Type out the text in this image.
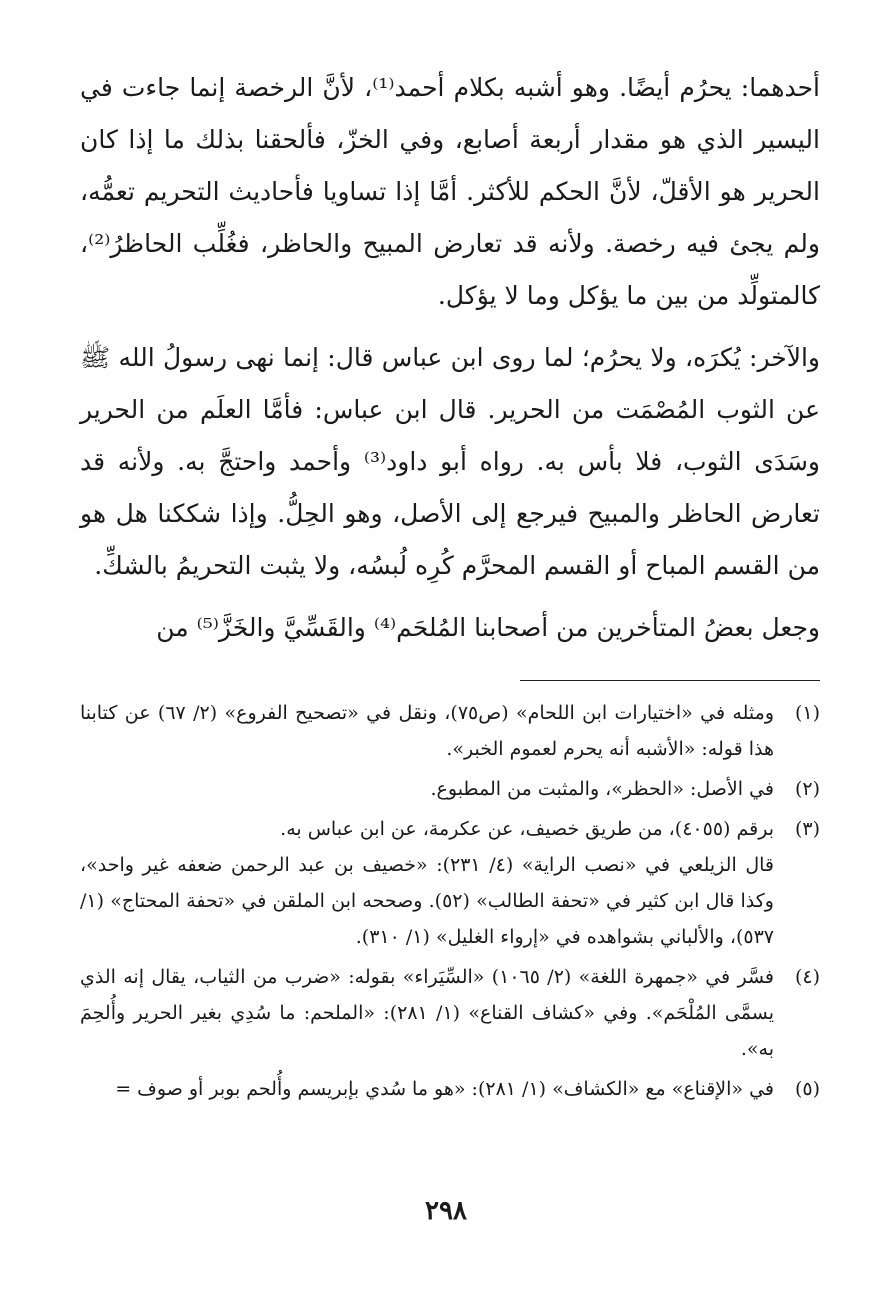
أحدهما: يحرُم أيضًا. وهو أشبه بكلام أحمد⁽¹⁾، لأنَّ الرخصة إنما جاءت في اليسير الذي هو مقدار أربعة أصابع، وفي الخزّ، فألحقنا بذلك ما إذا كان الحرير هو الأقلّ، لأنَّ الحكم للأكثر. أمَّا إذا تساويا فأحاديث التحريم تعمُّه، ولم يجئ فيه رخصة. ولأنه قد تعارض المبيح والحاظر، فغُلِّب الحاظرُ⁽²⁾، كالمتولِّد من بين ما يؤكل وما لا يؤكل.

والآخر: يُكرَه، ولا يحرُم؛ لما روى ابن عباس قال: إنما نهى رسولُ الله ﷺ عن الثوب المُصْمَت من الحرير. قال ابن عباس: فأمَّا العلَم من الحرير وسَدَى الثوب، فلا بأس به. رواه أبو داود⁽³⁾ وأحمد واحتجَّ به. ولأنه قد تعارض الحاظر والمبيح فيرجع إلى الأصل، وهو الحِلُّ. وإذا شككنا هل هو من القسم المباح أو القسم المحرَّم كُرِه لُبسُه، ولا يثبت التحريمُ بالشكِّ.

وجعل بعضُ المتأخرين من أصحابنا المُلحَم⁽⁴⁾ والقَسِّيَّ والخَزَّ⁽⁵⁾ من

(١)

ومثله في «اختيارات ابن اللحام» (ص٧٥)، ونقل في «تصحيح الفروع» (٢/ ٦٧) عن كتابنا هذا قوله: «الأشبه أنه يحرم لعموم الخبر».

(٢)

في الأصل: «الحظر»، والمثبت من المطبوع.

(٣)

برقم (٤٠٥٥)، من طريق خصيف، عن عكرمة، عن ابن عباس به.

قال الزيلعي في «نصب الراية» (٤/ ٢٣١): «خصيف بن عبد الرحمن ضعفه غير واحد»، وكذا قال ابن كثير في «تحفة الطالب» (٥٢). وصححه ابن الملقن في «تحفة المحتاج» (١/ ٥٣٧)، والألباني بشواهده في «إرواء الغليل» (١/ ٣١٠).

(٤)

فسَّر في «جمهرة اللغة» (٢/ ١٠٦٥) «السِّيَراء» بقوله: «ضرب من الثياب، يقال إنه الذي يسمَّى المُلْحَم». وفي «كشاف القناع» (١/ ٢٨١): «الملحم: ما سُدِي بغير الحرير وأُلحِمَ به».

(٥)

في «الإقناع» مع «الكشاف» (١/ ٢٨١): «هو ما سُدي بإبريسم وأُلحم بوبر أو صوف =

٢٩٨
